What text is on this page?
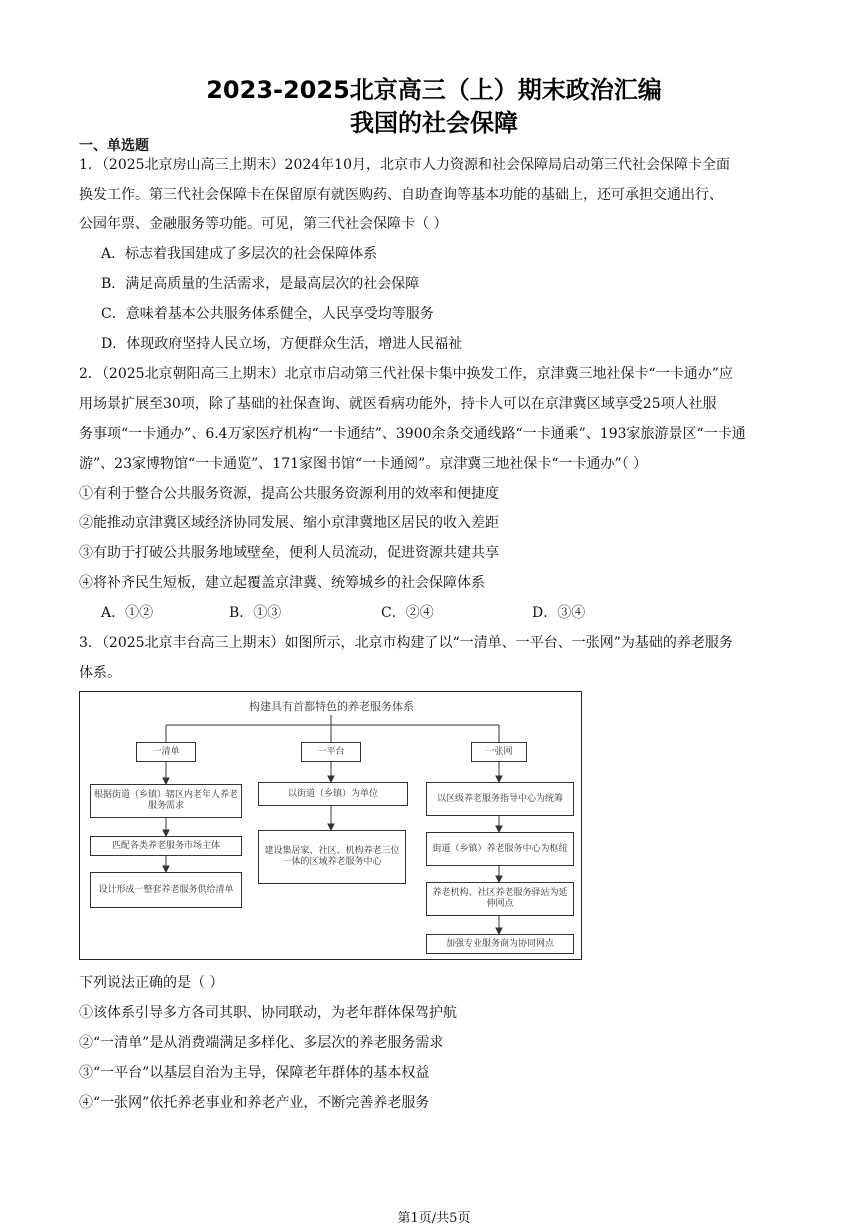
2023-2025北京高三（上）期末政治汇编
我国的社会保障
一、单选题
1．（2025北京房山高三上期末）2024年10月，北京市人力资源和社会保障局启动第三代社会保障卡全面
换发工作。第三代社会保障卡在保留原有就医购药、自助查询等基本功能的基础上，还可承担交通出行、
公园年票、金融服务等功能。可见，第三代社会保障卡（ ）
A．标志着我国建成了多层次的社会保障体系
B．满足高质量的生活需求，是最高层次的社会保障
C．意味着基本公共服务体系健全，人民享受均等服务
D．体现政府坚持人民立场，方便群众生活，增进人民福祉
2．（2025北京朝阳高三上期末）北京市启动第三代社保卡集中换发工作，京津冀三地社保卡“一卡通办”应
用场景扩展至30项，除了基础的社保查询、就医看病功能外，持卡人可以在京津冀区域享受25项人社服
务事项“一卡通办”、6.4万家医疗机构“一卡通结”、3900余条交通线路“一卡通乘”、193家旅游景区“一卡通
游”、23家博物馆“一卡通览”、171家图书馆“一卡通阅”。京津冀三地社保卡“一卡通办”（ ）
①有利于整合公共服务资源，提高公共服务资源利用的效率和便捷度
②能推动京津冀区域经济协同发展、缩小京津冀地区居民的收入差距
③有助于打破公共服务地域壁垒，便利人员流动，促进资源共建共享
④将补齐民生短板，建立起覆盖京津冀、统筹城乡的社会保障体系
A．①②	B．①③	C．②④	D．③④
3．（2025北京丰台高三上期末）如图所示，北京市构建了以“一清单、一平台、一张网”为基础的养老服务
体系。
构建具有首都特色的养老服务体系
一清单
根据街道（乡镇）辖区内老年人养老服务需求
匹配各类养老服务市场主体
设计形成一整套养老服务供给清单
一平台
以街道（乡镇）为单位
建设集居家、社区、机构养老三位一体的区域养老服务中心
一张网
以区级养老服务指导中心为统筹
街道（乡镇）养老服务中心为枢纽
养老机构、社区养老服务驿站为延伸网点
加强专业服务商为协同网点
下列说法正确的是（ ）
①该体系引导多方各司其职、协同联动，为老年群体保驾护航
②“一清单”是从消费端满足多样化、多层次的养老服务需求
③“一平台”以基层自治为主导，保障老年群体的基本权益
④“一张网”依托养老事业和养老产业，不断完善养老服务
第1页/共5页
